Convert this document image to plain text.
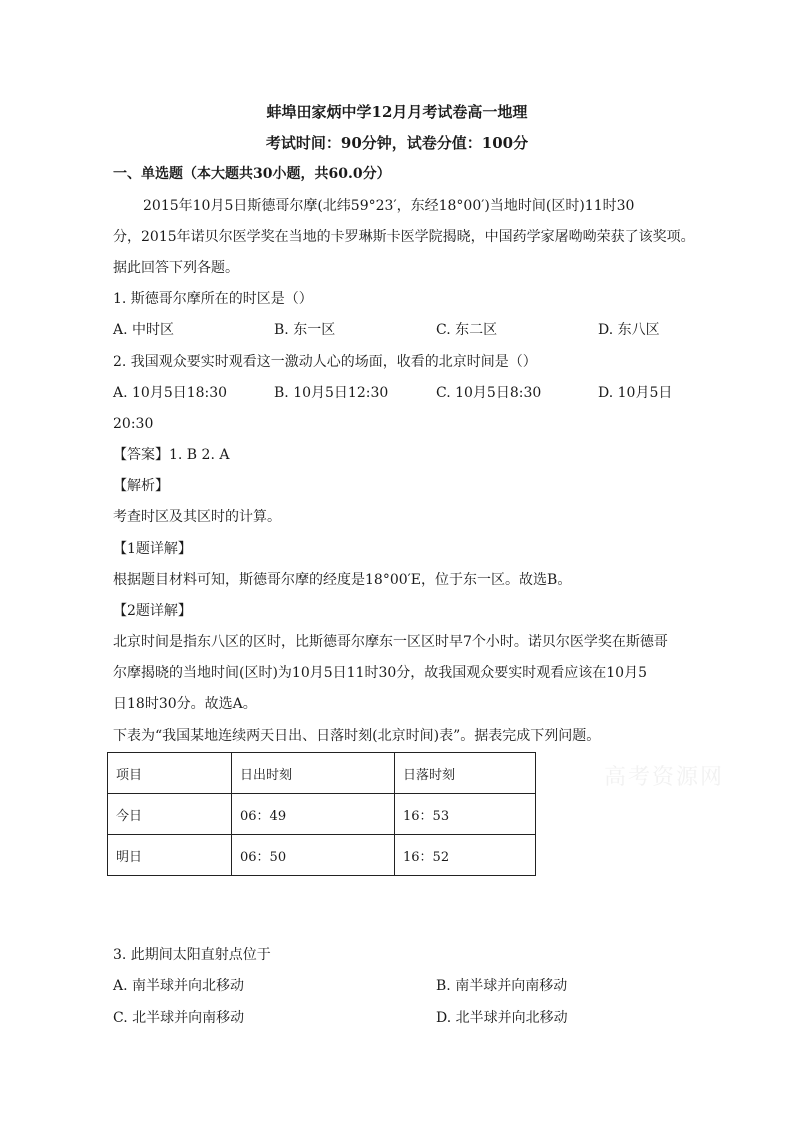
蚌埠田家炳中学12月月考试卷高一地理
考试时间：90分钟，试卷分值：100分
一、单选题（本大题共30小题，共60.0分）
2015年10月5日斯德哥尔摩(北纬59°23′，东经18°00′)当地时间(区时)11时30
分，2015年诺贝尔医学奖在当地的卡罗琳斯卡医学院揭晓，中国药学家屠呦呦荣获了该奖项。
据此回答下列各题。
1. 斯德哥尔摩所在的时区是（）
A. 中时区	B. 东一区	C. 东二区	D. 东八区
2. 我国观众要实时观看这一激动人心的场面，收看的北京时间是（）
A. 10月5日18:30	B. 10月5日12:30	C. 10月5日8:30	D. 10月5日
20:30
【答案】1. B 2. A
【解析】
考查时区及其区时的计算。
【1题详解】
根据题目材料可知，斯德哥尔摩的经度是18°00′E，位于东一区。故选B。
【2题详解】
北京时间是指东八区的区时，比斯德哥尔摩东一区区时早7个小时。诺贝尔医学奖在斯德哥
尔摩揭晓的当地时间(区时)为10月5日11时30分，故我国观众要实时观看应该在10月5
日18时30分。故选A。
下表为“我国某地连续两天日出、日落时刻(北京时间)表”。据表完成下列问题。
项目	日出时刻	日落时刻
今日	06：49	16：53
明日	06：50	16：52
高考资源网
3. 此期间太阳直射点位于
A. 南半球并向北移动	B. 南半球并向南移动
C. 北半球并向南移动	D. 北半球并向北移动
